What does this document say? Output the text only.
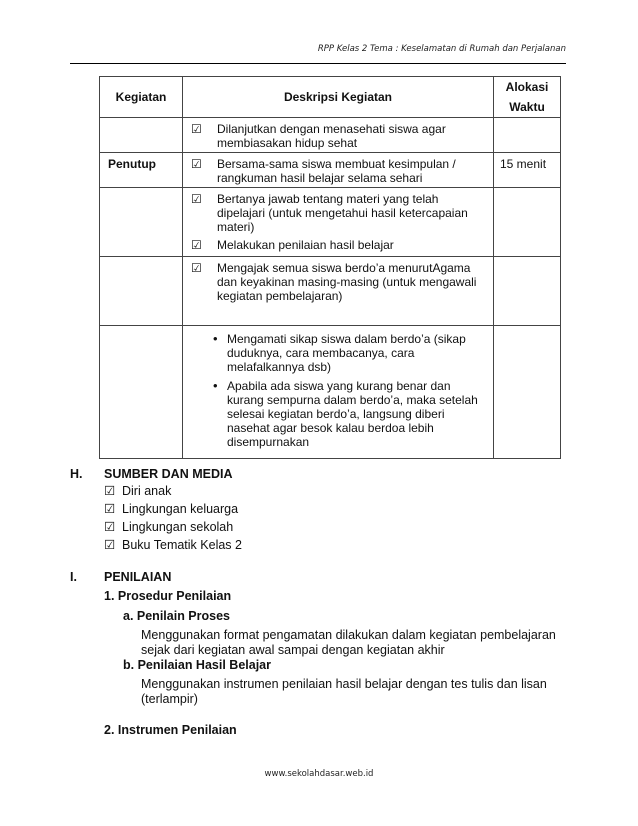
RPP Kelas 2 Tema : Keselamatan di Rumah dan Perjalanan
Kegiatan	Deskripsi Kegiatan	Alokasi Waktu

	☑ Dilanjutkan dengan menasehati siswa agar membiasakan hidup sehat	

Penutup	☑ Bersama-sama siswa membuat kesimpulan / rangkuman hasil belajar selama sehari	15 menit

	☑ Bertanya jawab tentang materi yang telah dipelajari (untuk mengetahui hasil ketercapaian materi)
☑ Melakukan penilaian hasil belajar	

	☑ Mengajak semua siswa berdo’a menurutAgama dan keyakinan masing-masing (untuk mengawali kegiatan pembelajaran)	

	• Mengamati sikap siswa dalam berdo’a (sikap duduknya, cara membacanya, cara melafalkannya dsb)
• Apabila ada siswa yang kurang benar dan kurang sempurna dalam berdo’a, maka setelah selesai kegiatan berdo’a, langsung diberi nasehat agar besok kalau berdoa lebih disempurnakan	

H. SUMBER DAN MEDIA
☑ Diri anak
☑ Lingkungan keluarga
☑ Lingkungan sekolah
☑ Buku Tematik Kelas 2
I. PENILAIAN
1. Prosedur Penilaian
a. Penilain Proses
Menggunakan format pengamatan dilakukan dalam kegiatan pembelajaran sejak dari kegiatan awal sampai dengan kegiatan akhir
b. Penilaian Hasil Belajar
Menggunakan instrumen penilaian hasil belajar dengan tes tulis dan lisan (terlampir)
2. Instrumen Penilaian
www.sekolahdasar.web.id
